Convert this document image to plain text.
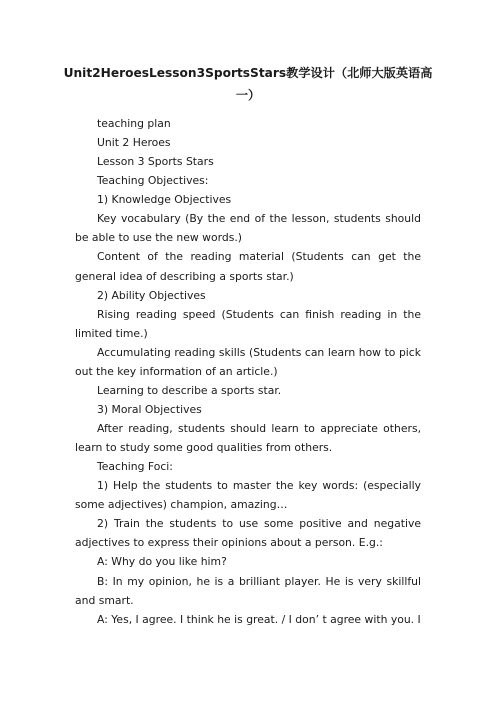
Unit2HeroesLesson3SportsStars教学设计（北师大版英语高一）

teaching plan

Unit 2 Heroes

Lesson 3 Sports Stars

Teaching Objectives:

1) Knowledge Objectives

Key vocabulary (By the end of the lesson, students should be able to use the new words.)

Content of the reading material (Students can get the general idea of describing a sports star.)

2) Ability Objectives

Rising reading speed (Students can finish reading in the limited time.)

Accumulating reading skills (Students can learn how to pick out the key information of an article.)

Learning to describe a sports star.

3) Moral Objectives

After reading, students should learn to appreciate others, learn to study some good qualities from others.

Teaching Foci:

1) Help the students to master the key words: (especially some adjectives) champion, amazing…

2) Train the students to use some positive and negative adjectives to express their opinions about a person. E.g.:

A: Why do you like him?

B: In my opinion, he is a brilliant player. He is very skillful and smart.

A: Yes, I agree. I think he is great. / I don’ t agree with you. I
